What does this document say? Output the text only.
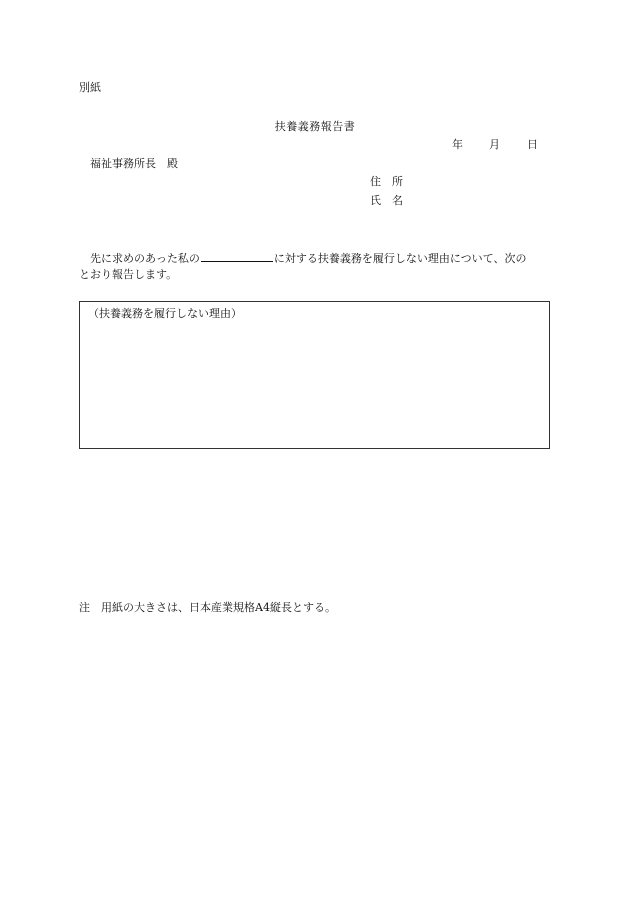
別紙
扶養義務報告書
年 月 日
福祉事務所長 殿
住　所
氏　名
先に求めのあった私の	に対する扶養義務を履行しない理由について、次の
とおり報告します。
（扶養義務を履行しない理由）
注 用紙の大きさは、日本産業規格A4縦長とする。
